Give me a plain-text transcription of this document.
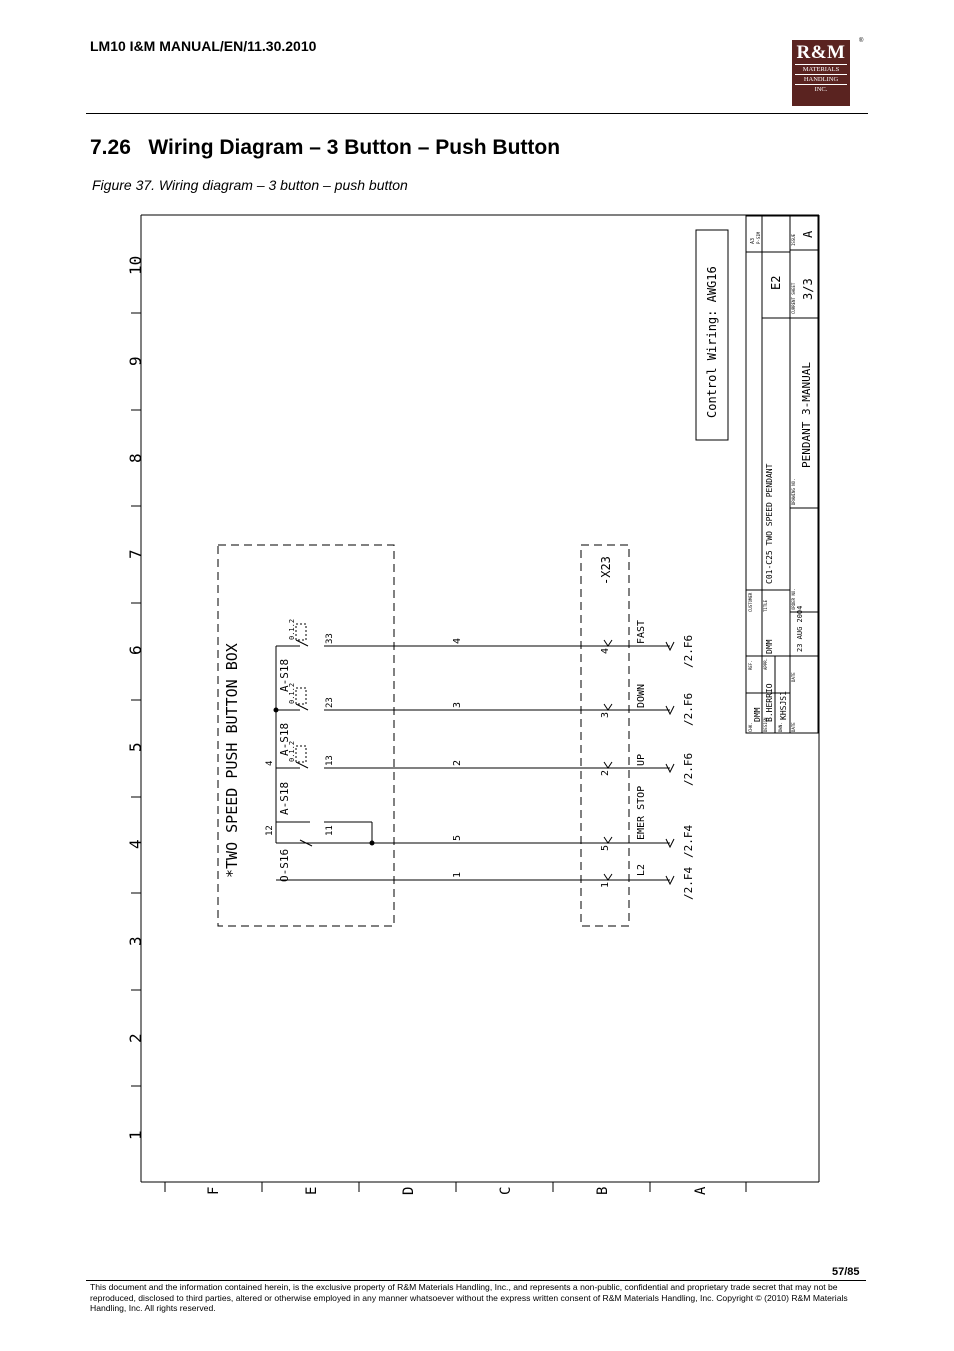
LM10 I&M MANUAL/EN/11.30.2010	R&M
MATERIALS
HANDLING
INC.
®
7.26 Wiring Diagram – 3 Button – Push Button
Figure 37. Wiring diagram – 3 button – push button
1
2
3
4
5
6
7
8
9
10
F	E	D	C	B	A
*TWO SPEED PUSH BUTTON BOX
-X23
Control Wiring: AWG16
O-S16
A-S18
A-S18
A-S18
12	11
13
23
33
4
0.1.2
0.1.2
0.1.2
1
5
2
3
4
1
5
2
3
4
L2
EMER STOP
UP
DOWN
FAST
/2.F4
/2.F4
/2.F6
/2.F6
/2.F6
A3 P-SIM
E2 CURRENT SHEET 3/3
ISSUE A
DRAWING NO.
PENDANT 3-MANUAL
CUSTOMER	TITLE
C01-C25 TWO SPEED PENDANT
ORDER NO.
REF.	APPR.
DMM
DATE
23 AUG 2004
CHK.
DMM
DESIGN
B.HERRIO
DWN.
KHSJS1
DATE
57/85
This document and the information contained herein, is the exclusive property of R&M Materials Handling, Inc., and represents a non-public, confidential and proprietary trade secret that may not be reproduced, disclosed to third parties, altered or otherwise employed in any manner whatsoever without the express written consent of R&M Materials Handling, Inc. Copyright © (2010) R&M Materials Handling, Inc. All rights reserved.
